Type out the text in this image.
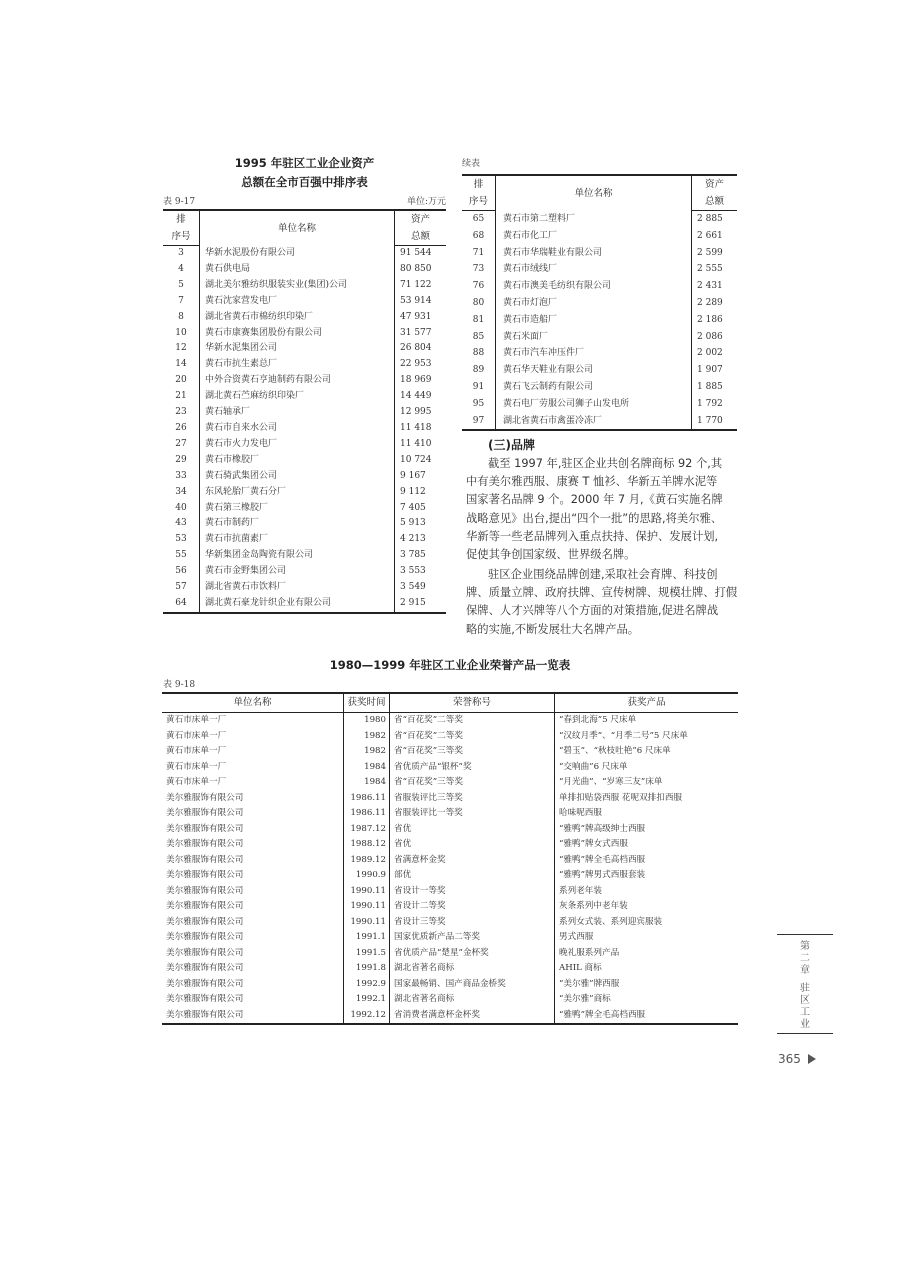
1995 年驻区工业企业资产
总额在全市百强中排序表
表 9-17	单位:万元
排	单位名称	资产
序号		总额
3	华新水泥股份有限公司	91 544
4	黄石供电局	80 850
5	湖北美尔雅纺织服装实业(集团)公司	71 122
7	黄石沈家营发电厂	53 914
8	湖北省黄石市棉纺织印染厂	47 931
10	黄石市康赛集团股份有限公司	31 577
12	华新水泥集团公司	26 804
14	黄石市抗生素总厂	22 953
20	中外合资黄石亨迪制药有限公司	18 969
21	湖北黄石苎麻纺织印染厂	14 449
23	黄石轴承厂	12 995
26	黄石市自来水公司	11 418
27	黄石市火力发电厂	11 410
29	黄石市橡胶厂	10 724
33	黄石骑武集团公司	9 167
34	东风轮胎厂黄石分厂	9 112
40	黄石第三橡胶厂	7 405
43	黄石市制药厂	5 913
53	黄石市抗菌素厂	4 213
55	华新集团金岛陶瓷有限公司	3 785
56	黄石市金野集团公司	3 553
57	湖北省黄石市饮料厂	3 549
64	湖北黄石豪龙针织企业有限公司	2 915
续表
排	单位名称	资产
序号		总额
65	黄石市第二塑料厂	2 885
68	黄石市化工厂	2 661
71	黄石市华瑞鞋业有限公司	2 599
73	黄石市绒线厂	2 555
76	黄石市澳美毛纺织有限公司	2 431
80	黄石市灯泡厂	2 289
81	黄石市造船厂	2 186
85	黄石米面厂	2 086
88	黄石市汽车冲压件厂	2 002
89	黄石华天鞋业有限公司	1 907
91	黄石飞云制药有限公司	1 885
95	黄石电厂劳服公司狮子山发电所	1 792
97	湖北省黄石市禽蛋冷冻厂	1 770
(三)品牌
截至 1997 年,驻区企业共创名牌商标 92 个,其
中有美尔雅西服、康赛 T 恤衫、华新五羊牌水泥等
国家著名品牌 9 个。2000 年 7 月,《黄石实施名牌
战略意见》出台,提出“四个一批”的思路,将美尔雅、
华新等一些老品牌列入重点扶持、保护、发展计划,
促使其争创国家级、世界级名牌。
驻区企业围绕品牌创建,采取社会育牌、科技创
牌、质量立牌、政府扶牌、宣传树牌、规模壮牌、打假
保牌、人才兴牌等八个方面的对策措施,促进名牌战
略的实施,不断发展壮大名牌产品。
1980—1999 年驻区工业企业荣誉产品一览表
表 9-18
单位名称	获奖时间	荣誉称号	获奖产品
黄石市床单一厂	1980	省“百花奖”二等奖	“春到北海”5 尺床单
黄石市床单一厂	1982	省“百花奖”二等奖	“汉纹月季”、“月季二号”5 尺床单
黄石市床单一厂	1982	省“百花奖”三等奖	“碧玉”、“秋枝吐艳”6 尺床单
黄石市床单一厂	1984	省优质产品“银杯”奖	“交响曲”6 尺床单
黄石市床单一厂	1984	省“百花奖”三等奖	“月光曲”、“岁寒三友”床单
美尔雅服饰有限公司	1986.11	省服装评比三等奖	单排扣贴袋西服 花呢双排扣西服
美尔雅服饰有限公司	1986.11	省服装评比一等奖	哈味呢西服
美尔雅服饰有限公司	1987.12	省优	“雅鸭”牌高级绅士西服
美尔雅服饰有限公司	1988.12	省优	“雅鸭”牌女式西服
美尔雅服饰有限公司	1989.12	省满意杯金奖	“雅鸭”牌全毛高档西服
美尔雅服饰有限公司	1990.9	部优	“雅鸭”牌男式西服套装
美尔雅服饰有限公司	1990.11	省设计一等奖	系列老年装
美尔雅服饰有限公司	1990.11	省设计二等奖	灰条系列中老年装
美尔雅服饰有限公司	1990.11	省设计三等奖	系列女式装、系列迎宾服装
美尔雅服饰有限公司	1991.1	国家优质新产品二等奖	男式西服
美尔雅服饰有限公司	1991.5	省优质产品“楚星”金杯奖	晚礼服系列产品
美尔雅服饰有限公司	1991.8	湖北省著名商标	AHIL 商标
美尔雅服饰有限公司	1992.9	国家最畅销、国产商品金桥奖	“美尔雅”牌西服
美尔雅服饰有限公司	1992.1	湖北省著名商标	“美尔雅”商标
美尔雅服饰有限公司	1992.12	省消费者满意杯金杯奖	“雅鸭”牌全毛高档西服
第
二
章
驻
区
工
业
365
